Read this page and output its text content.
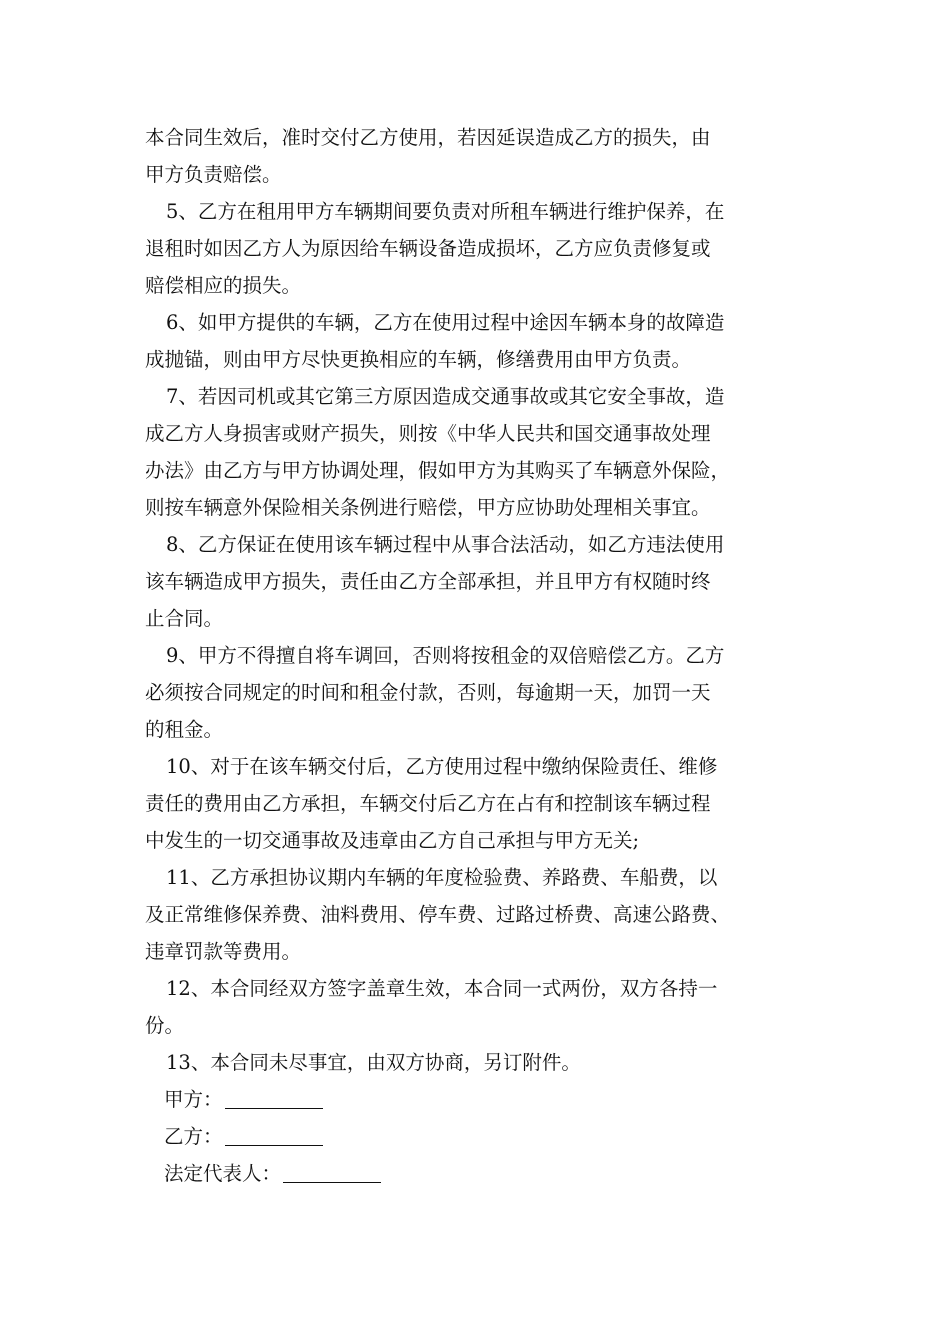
本合同生效后，准时交付乙方使用，若因延误造成乙方的损失，由
甲方负责赔偿。
5、乙方在租用甲方车辆期间要负责对所租车辆进行维护保养，在
退租时如因乙方人为原因给车辆设备造成损坏，乙方应负责修复或
赔偿相应的损失。
6、如甲方提供的车辆，乙方在使用过程中途因车辆本身的故障造
成抛锚，则由甲方尽快更换相应的车辆，修缮费用由甲方负责。
7、若因司机或其它第三方原因造成交通事故或其它安全事故，造
成乙方人身损害或财产损失，则按《中华人民共和国交通事故处理
办法》由乙方与甲方协调处理，假如甲方为其购买了车辆意外保险，
则按车辆意外保险相关条例进行赔偿，甲方应协助处理相关事宜。
8、乙方保证在使用该车辆过程中从事合法活动，如乙方违法使用
该车辆造成甲方损失，责任由乙方全部承担，并且甲方有权随时终
止合同。
9、甲方不得擅自将车调回，否则将按租金的双倍赔偿乙方。乙方
必须按合同规定的时间和租金付款，否则，每逾期一天，加罚一天
的租金。
10、对于在该车辆交付后，乙方使用过程中缴纳保险责任、维修
责任的费用由乙方承担，车辆交付后乙方在占有和控制该车辆过程
中发生的一切交通事故及违章由乙方自己承担与甲方无关;
11、乙方承担协议期内车辆的年度检验费、养路费、车船费，以
及正常维修保养费、油料费用、停车费、过路过桥费、高速公路费、
违章罚款等费用。
12、本合同经双方签字盖章生效，本合同一式两份，双方各持一
份。
13、本合同未尽事宜，由双方协商，另订附件。
甲方：
乙方：
法定代表人：
